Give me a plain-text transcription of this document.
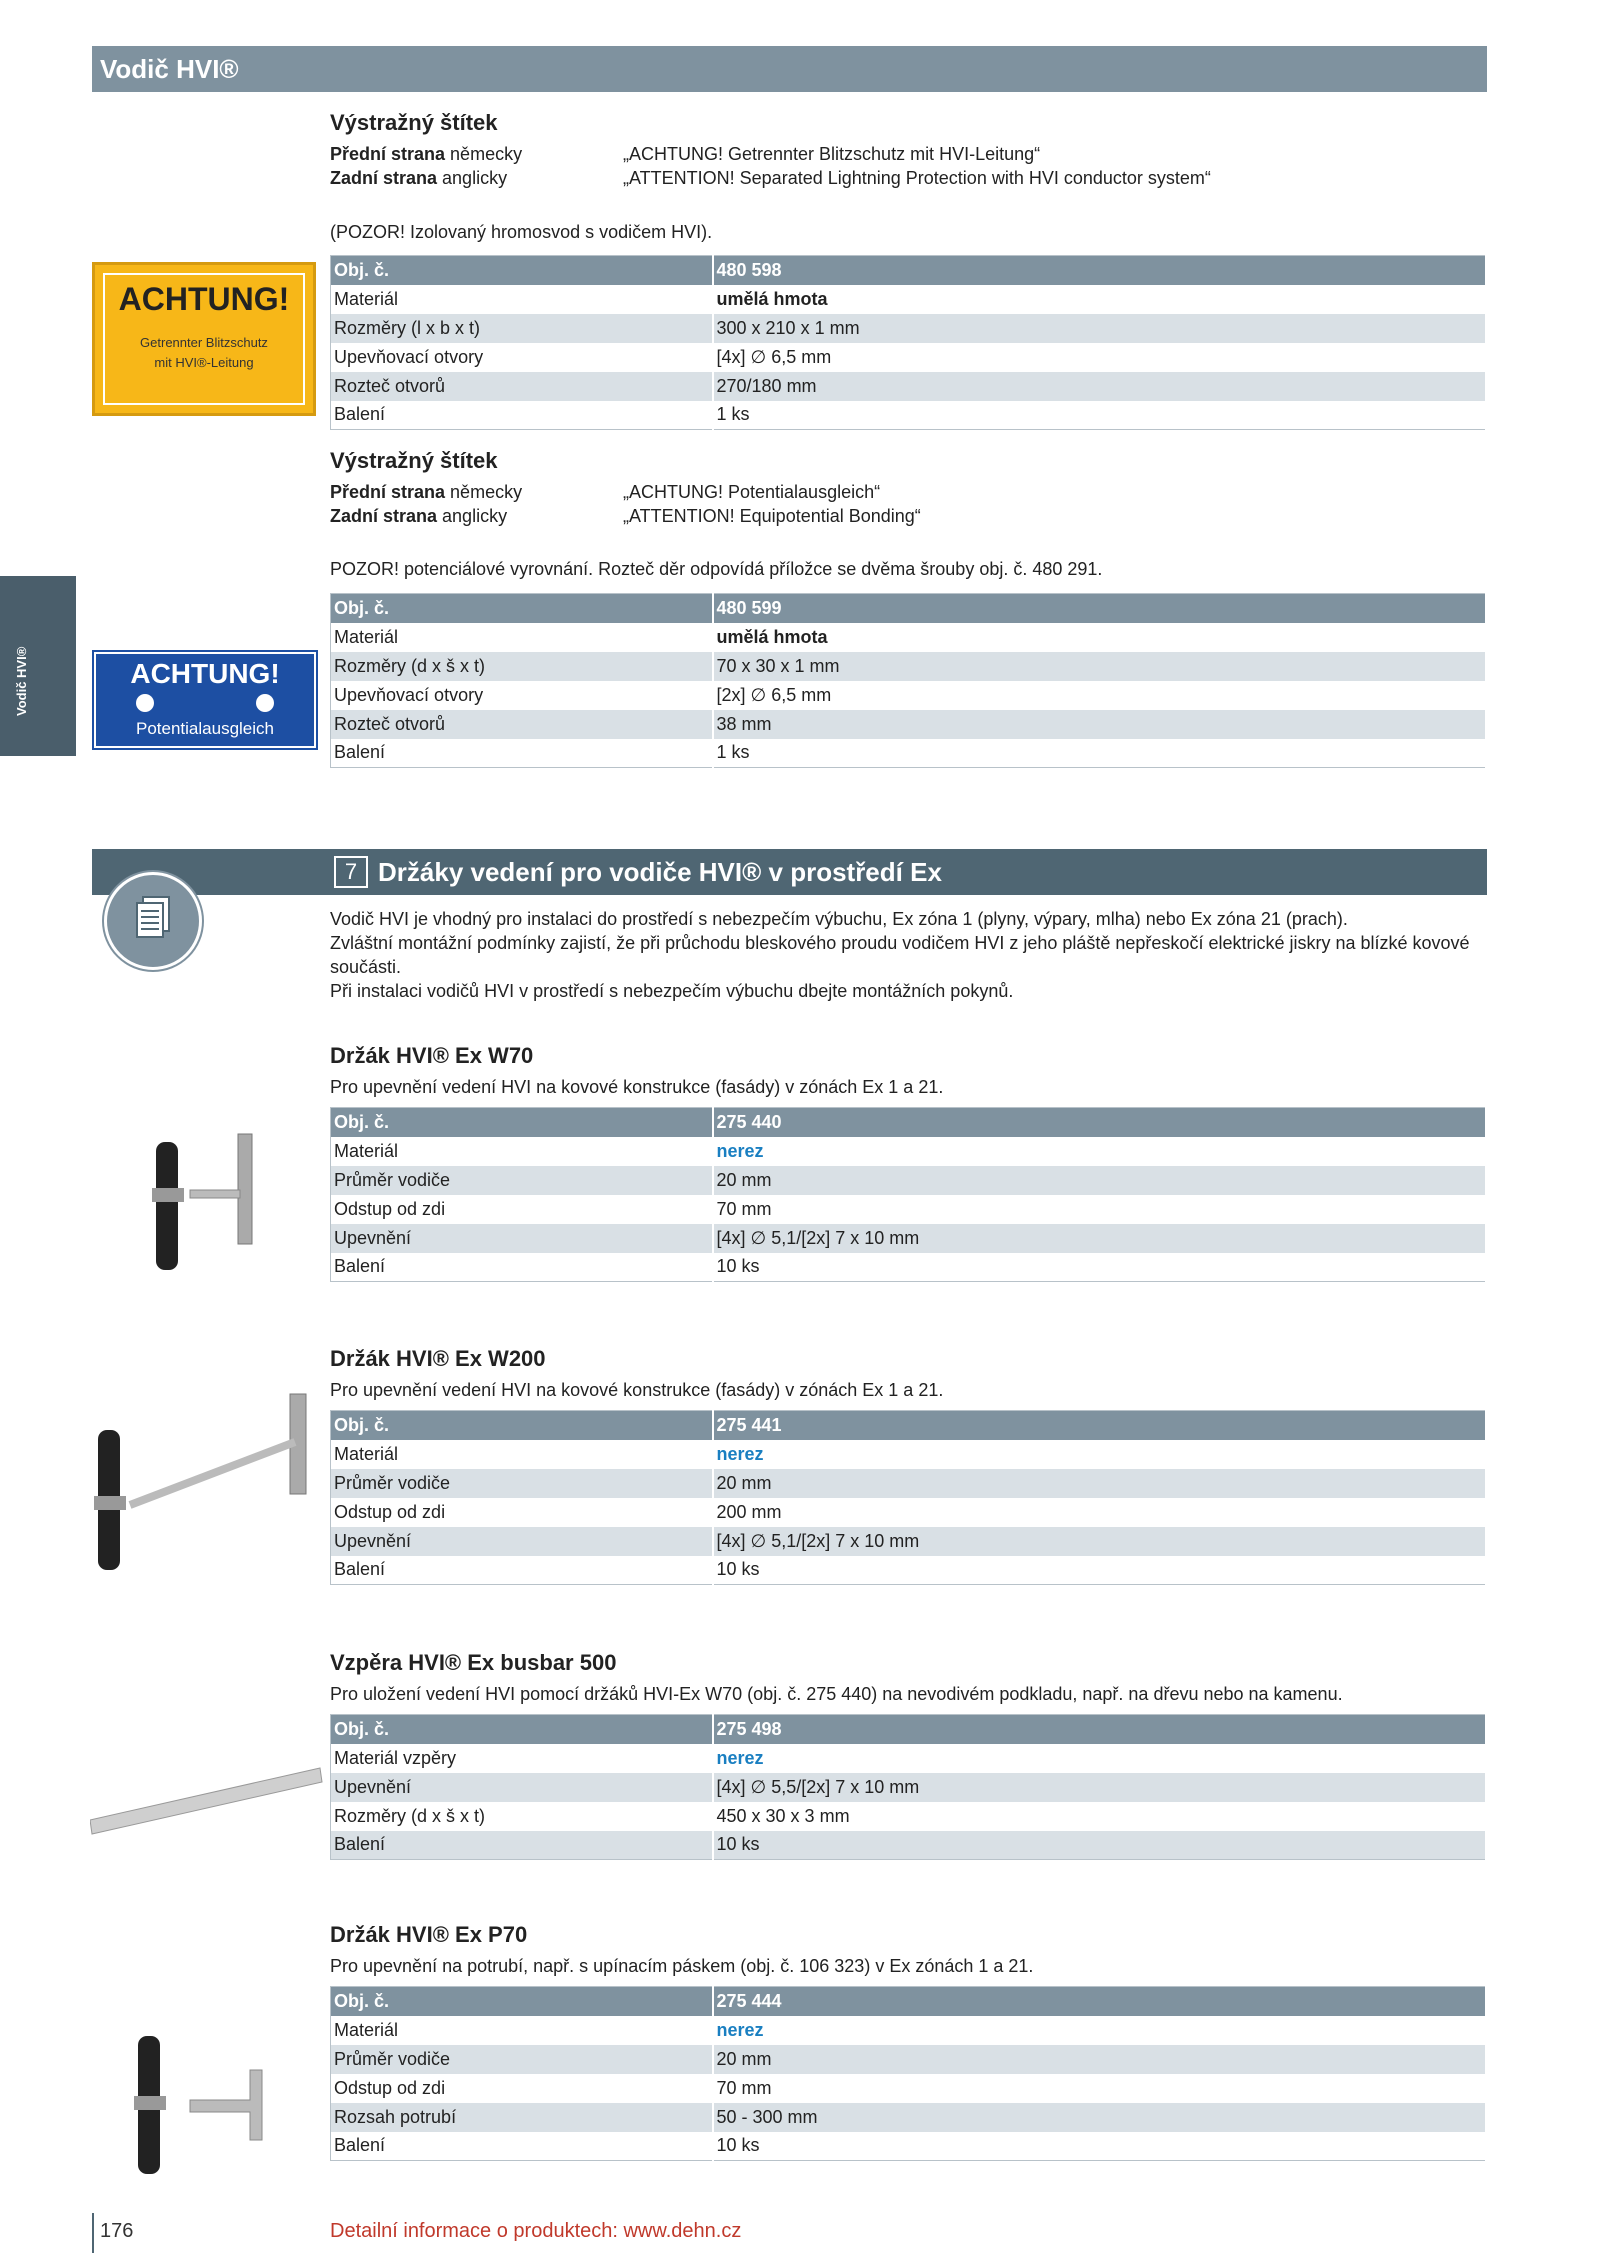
Vodič HVI®
Vodič HVI®
ACHTUNG!
Getrennter Blitzschutz
mit HVI®-Leitung
Výstražný štítek
Přední strana německy	„ACHTUNG! Getrennter Blitzschutz mit HVI-Leitung“
Zadní strana anglicky	„ATTENTION! Separated Lightning Protection with HVI conductor system“
(POZOR! Izolovaný hromosvod s vodičem HVI).
Obj. č.	480 598
Materiál	umělá hmota
Rozměry (l x b x t)	300 x 210 x 1 mm
Upevňovací otvory	[4x] ∅ 6,5 mm
Rozteč otvorů	270/180 mm
Balení	1 ks
Výstražný štítek
Přední strana německy	„ACHTUNG! Potentialausgleich“
Zadní strana anglicky	„ATTENTION! Equipotential Bonding“
POZOR! potenciálové vyrovnání. Rozteč děr odpovídá příložce se dvěma šrouby obj. č. 480 291.
Obj. č.	480 599
Materiál	umělá hmota
Rozměry (d x š x t)	70 x 30 x 1 mm
Upevňovací otvory	[2x] ∅ 6,5 mm
Rozteč otvorů	38 mm
Balení	1 ks
ACHTUNG!
Potentialausgleich
7 Držáky vedení pro vodiče HVI® v prostředí Ex
Vodič HVI je vhodný pro instalaci do prostředí s nebezpečím výbuchu, Ex zóna 1 (plyny, výpary, mlha) nebo Ex zóna 21 (prach).
Zvláštní montážní podmínky zajistí, že při průchodu bleskového proudu vodičem HVI z jeho pláště nepřeskočí elektrické jiskry na blízké kovové součásti.
Při instalaci vodičů HVI v prostředí s nebezpečím výbuchu dbejte montážních pokynů.
Držák HVI® Ex W70
Pro upevnění vedení HVI na kovové konstrukce (fasády) v zónách Ex 1 a 21.
Obj. č.	275 440
Materiál	nerez
Průměr vodiče	20 mm
Odstup od zdi	70 mm
Upevnění	[4x] ∅ 5,1/[2x] 7 x 10 mm
Balení	10 ks
Držák HVI® Ex W200
Pro upevnění vedení HVI na kovové konstrukce (fasády) v zónách Ex 1 a 21.
Obj. č.	275 441
Materiál	nerez
Průměr vodiče	20 mm
Odstup od zdi	200 mm
Upevnění	[4x] ∅ 5,1/[2x] 7 x 10 mm
Balení	10 ks
Vzpěra HVI® Ex busbar 500
Pro uložení vedení HVI pomocí držáků HVI-Ex W70 (obj. č. 275 440) na nevodivém podkladu, např. na dřevu nebo na kamenu.
Obj. č.	275 498
Materiál vzpěry	nerez
Upevnění	[4x] ∅ 5,5/[2x] 7 x 10 mm
Rozměry (d x š x t)	450 x 30 x 3 mm
Balení	10 ks
Držák HVI® Ex P70
Pro upevnění na potrubí, např. s upínacím páskem (obj. č. 106 323) v Ex zónách 1 a 21.
Obj. č.	275 444
Materiál	nerez
Průměr vodiče	20 mm
Odstup od zdi	70 mm
Rozsah potrubí	50 - 300 mm
Balení	10 ks
176	Detailní informace o produktech: www.dehn.cz
